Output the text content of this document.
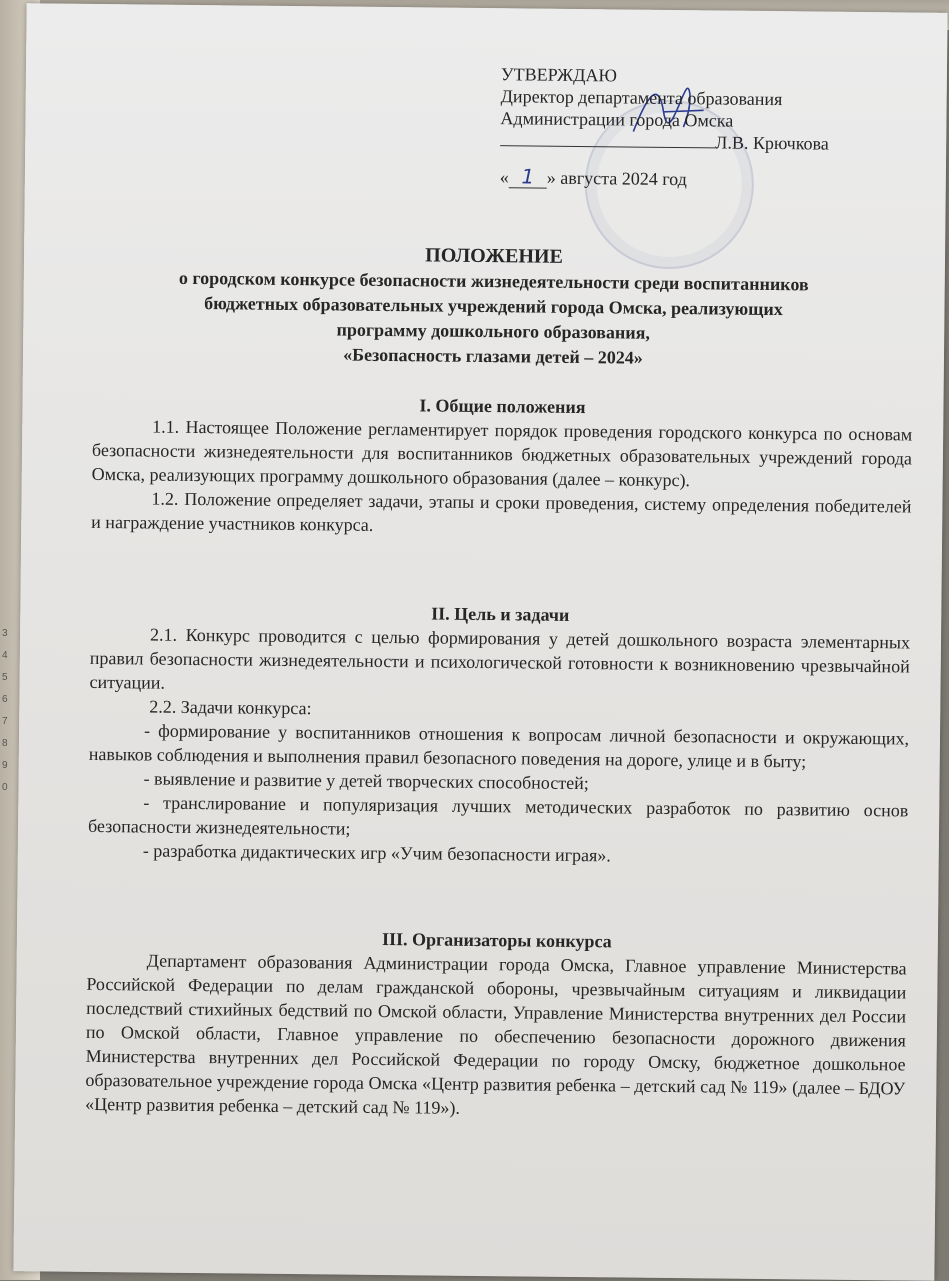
3
4
5
6
7
8
9
0
УТВЕРЖДАЮ
Директор департамента образования
Администрации города Омска
Л.В. Крючкова
« 1 » августа 2024 год
ПОЛОЖЕНИЕ
о городском конкурсе безопасности жизнедеятельности среди воспитанников
бюджетных образовательных учреждений города Омска, реализующих
программу дошкольного образования,
«Безопасность глазами детей – 2024»
I. Общие положения
1.1. Настоящее Положение регламентирует порядок проведения городского конкурса по основам безопасности жизнедеятельности для воспитанников бюджетных образовательных учреждений города Омска, реализующих программу дошкольного образования (далее – конкурс).
1.2. Положение определяет задачи, этапы и сроки проведения, систему определения победителей и награждение участников конкурса.
II. Цель и задачи
2.1. Конкурс проводится с целью формирования у детей дошкольного возраста элементарных правил безопасности жизнедеятельности и психологической готовности к возникновению чрезвычайной ситуации.
2.2. Задачи конкурса:
- формирование у воспитанников отношения к вопросам личной безопасности и окружающих, навыков соблюдения и выполнения правил безопасного поведения на дороге, улице и в быту;
- выявление и развитие у детей творческих способностей;
- транслирование и популяризация лучших методических разработок по развитию основ безопасности жизнедеятельности;
- разработка дидактических игр «Учим безопасности играя».
III. Организаторы конкурса
Департамент образования Администрации города Омска, Главное управление Министерства Российской Федерации по делам гражданской обороны, чрезвычайным ситуациям и ликвидации последствий стихийных бедствий по Омской области, Управление Министерства внутренних дел России по Омской области, Главное управление по обеспечению безопасности дорожного движения Министерства внутренних дел Российской Федерации по городу Омску, бюджетное дошкольное образовательное учреждение города Омска «Центр развития ребенка – детский сад № 119» (далее – БДОУ «Центр развития ребенка – детский сад № 119»).
